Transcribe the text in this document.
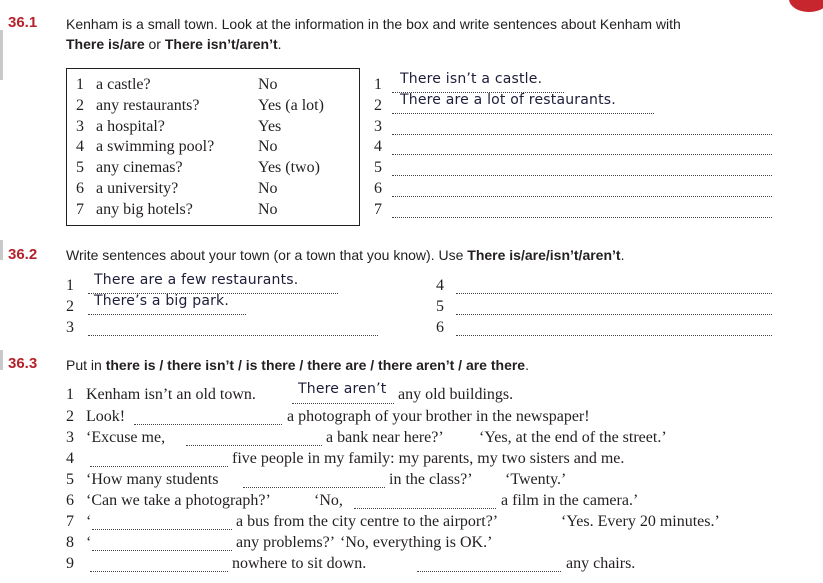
36.1 Kenham is a small town. Look at the information in the box and write sentences about Kenham with
There is/are or There isn’t/aren’t.
1 a castle?	No
2 any restaurants?	Yes (a lot)
3 a hospital?	Yes
4 a swimming pool?	No
5 any cinemas?	Yes (two)
6 a university?	No
7 any big hotels?	No
1 There isn’t a castle.
2 There are a lot of restaurants.
3
4
5
6
7
36.2 Write sentences about your town (or a town that you know). Use There is/are/isn’t/aren’t.
1 There are a few restaurants.
2 There’s a big park.
3
4
5
6
36.3 Put in there is / there isn’t / is there / there are / there aren’t / are there.
1 Kenham isn’t an old town.	There aren’t any old buildings.
2 Look!	a photograph of your brother in the newspaper!
3 ‘Excuse me,	a bank near here?’ ‘Yes, at the end of the street.’
4	five people in my family: my parents, my two sisters and me.
5 ‘How many students	in the class?’ ‘Twenty.’
6 ‘Can we take a photograph?’	‘No,	a film in the camera.’
7 ‘	a bus from the city centre to the airport?’	‘Yes. Every 20 minutes.’
8 ‘	any problems?’ ‘No, everything is OK.’
9	nowhere to sit down.	any chairs.
